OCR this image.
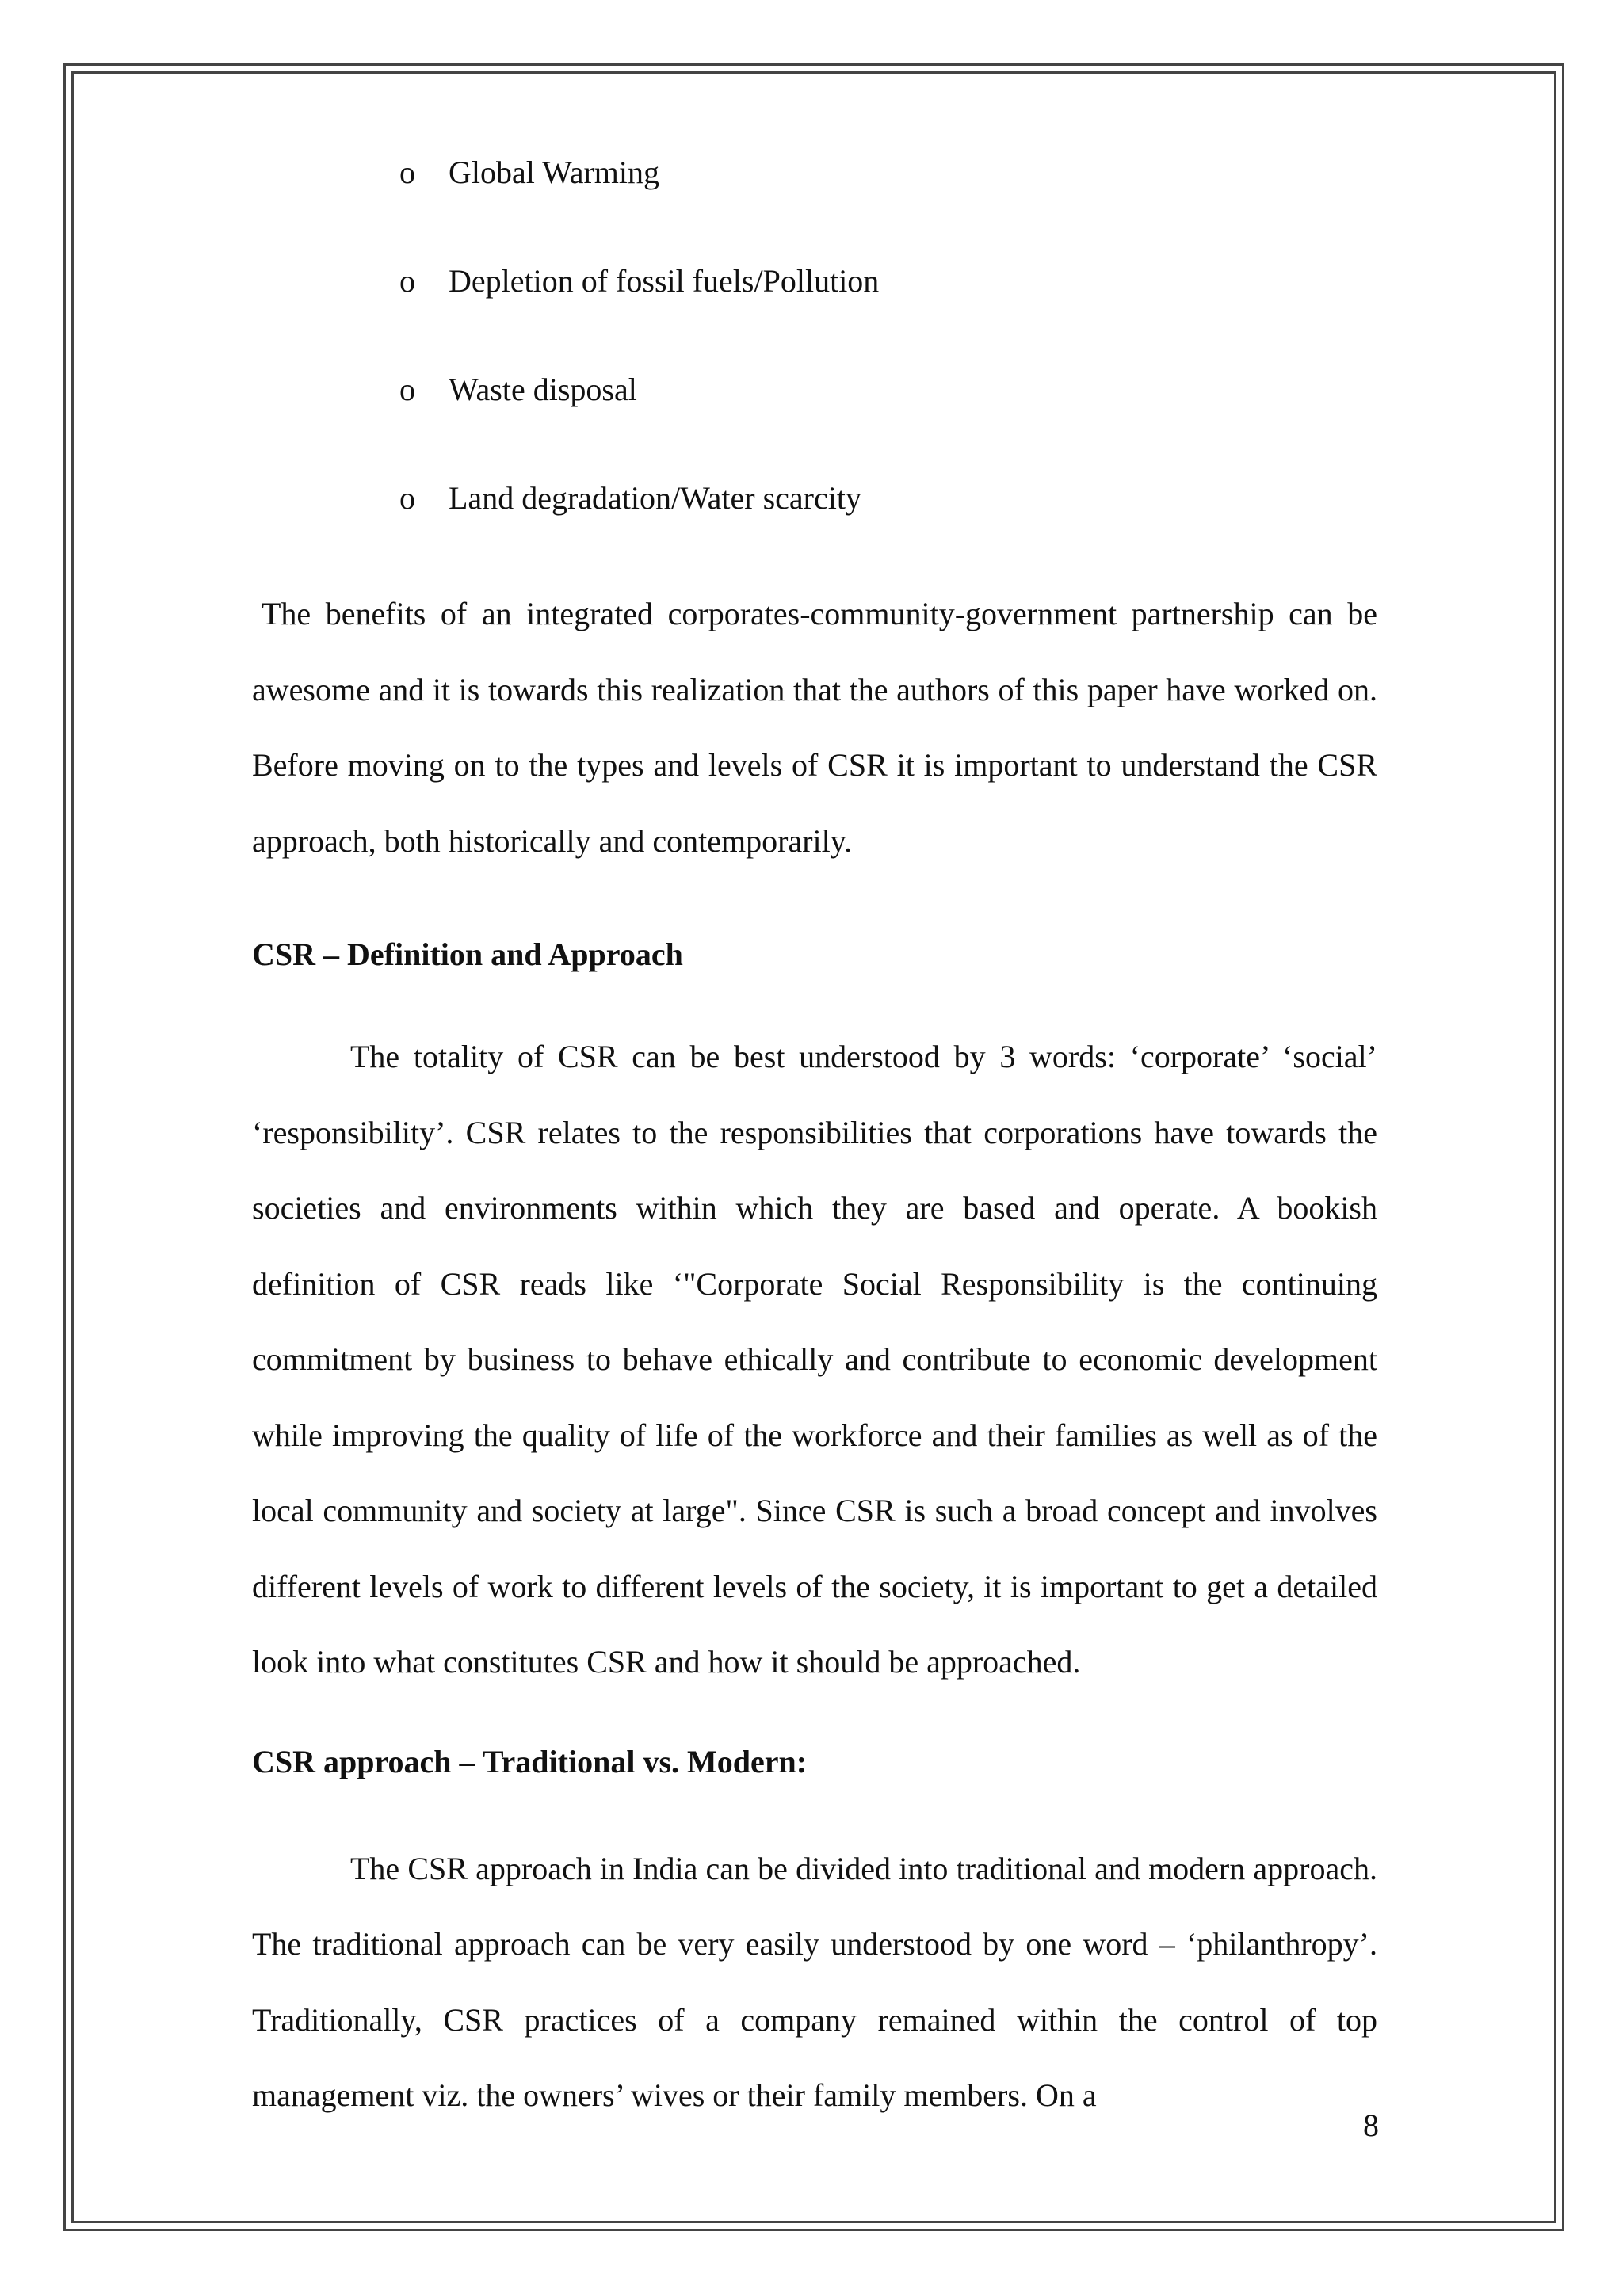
o	Global Warming
o	Depletion of fossil fuels/Pollution
o	Waste disposal
o	Land degradation/Water scarcity

The benefits of an integrated corporates-community-government partnership can be awesome and it is towards this realization that the authors of this paper have worked on. Before moving on to the types and levels of CSR it is important to understand the CSR approach, both historically and contemporarily.

CSR – Definition and Approach

The totality of CSR can be best understood by 3 words: ‘corporate’ ‘social’ ‘responsibility’. CSR relates to the responsibilities that corporations have towards the societies and environments within which they are based and operate. A bookish definition of CSR reads like ‘"Corporate Social Responsibility is the continuing commitment by business to behave ethically and contribute to economic development while improving the quality of life of the workforce and their families as well as of the local community and society at large". Since CSR is such a broad concept and involves different levels of work to different levels of the society, it is important to get a detailed look into what constitutes CSR and how it should be approached.

CSR approach – Traditional vs. Modern:

The CSR approach in India can be divided into traditional and modern approach. The traditional approach can be very easily understood by one word – ‘philanthropy’. Traditionally, CSR practices of a company remained within the control of top management viz. the owners’ wives or their family members. On a

8
